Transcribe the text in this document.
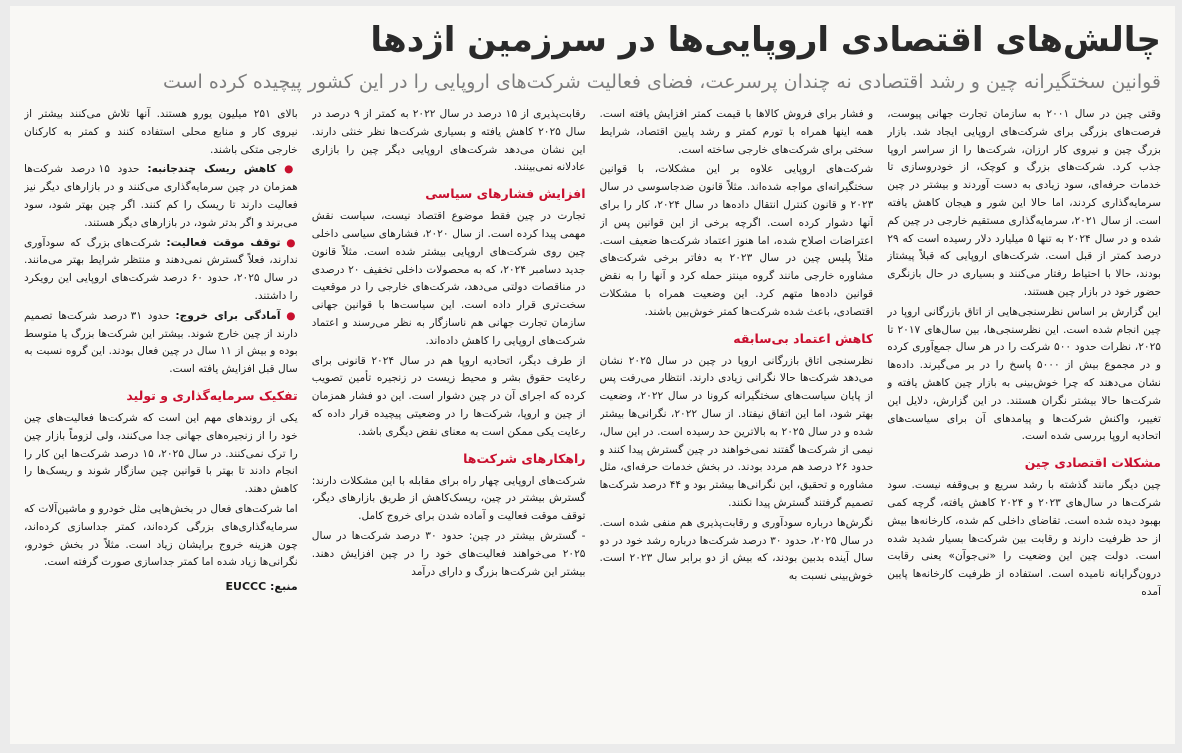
چالش‌های اقتصادی اروپایی‌ها در سرزمین اژدها
قوانین سختگیرانه چین و رشد اقتصادی نه چندان پرسرعت، فضای فعالیت شرکت‌های اروپایی را در این کشور پیچیده کرده است

وقتی چین در سال ۲۰۰۱ به سازمان تجارت جهانی پیوست، فرصت‌های بزرگی برای شرکت‌های اروپایی ایجاد شد. بازار بزرگ چین و نیروی کار ارزان، شرکت‌ها را از سراسر اروپا جذب کرد. شرکت‌های بزرگ و کوچک، از خودروسازی تا خدمات حرفه‌ای، سود زیادی به دست آوردند و بیشتر در چین سرمایه‌گذاری کردند، اما حالا این شور و هیجان کاهش یافته است. از سال ۲۰۲۱، سرمایه‌گذاری مستقیم خارجی در چین کم شده و در سال ۲۰۲۴ به تنها ۵ میلیارد دلار رسیده است که ۲۹ درصد کمتر از قبل است. شرکت‌های اروپایی که قبلاً پیشتاز بودند، حالا با احتیاط رفتار می‌کنند و بسیاری در حال بازنگری حضور خود در بازار چین هستند.

این گزارش بر اساس نظرسنجی‌هایی از اتاق بازرگانی اروپا در چین انجام شده است. این نظرسنجی‌ها، بین سال‌های ۲۰۱۷ تا ۲۰۲۵، نظرات حدود ۵۰۰ شرکت را در هر سال جمع‌آوری کرده و در مجموع بیش از ۵۰۰۰ پاسخ را در بر می‌گیرند. داده‌ها نشان می‌دهند که چرا خوش‌بینی به بازار چین کاهش یافته و شرکت‌ها حالا بیشتر نگران هستند. در این گزارش، دلایل این تغییر، واکنش شرکت‌ها و پیامدهای آن برای سیاست‌های اتحادیه اروپا بررسی شده است.

مشکلات اقتصادی چین

چین دیگر مانند گذشته با رشد سریع و بی‌وقفه نیست. سود شرکت‌ها در سال‌های ۲۰۲۳ و ۲۰۲۴ کاهش یافته، گرچه کمی بهبود دیده شده است. تقاضای داخلی کم شده، کارخانه‌ها بیش از حد ظرفیت دارند و رقابت بین شرکت‌ها بسیار شدید شده است. دولت چین این وضعیت را «نی‌جوآن» یعنی رقابت درون‌گرایانه نامیده است. استفاده از ظرفیت کارخانه‌ها پایین آمده

و فشار برای فروش کالاها با قیمت کمتر افزایش یافته است. همه اینها همراه با تورم کمتر و رشد پایین اقتصاد، شرایط سختی برای شرکت‌های خارجی ساخته است.

شرکت‌های اروپایی علاوه بر این مشکلات، با قوانین سختگیرانه‌ای مواجه شده‌اند. مثلاً قانون ضدجاسوسی در سال ۲۰۲۳ و قانون کنترل انتقال داده‌ها در سال ۲۰۲۴، کار را برای آنها دشوار کرده است. اگرچه برخی از این قوانین پس از اعتراضات اصلاح شده، اما هنوز اعتماد شرکت‌ها ضعیف است. مثلاً پلیس چین در سال ۲۰۲۳ به دفاتر برخی شرکت‌های مشاوره خارجی مانند گروه مینتز حمله کرد و آنها را به نقض قوانین داده‌ها متهم کرد. این وضعیت همراه با مشکلات اقتصادی، باعث شده شرکت‌ها کمتر خوش‌بین باشند.

کاهش اعتماد بی‌سابقه

نظرسنجی اتاق بازرگانی اروپا در چین در سال ۲۰۲۵ نشان می‌دهد شرکت‌ها حالا نگرانی زیادی دارند. انتظار می‌رفت پس از پایان سیاست‌های سختگیرانه کرونا در سال ۲۰۲۲، وضعیت بهتر شود، اما این اتفاق نیفتاد. از سال ۲۰۲۲، نگرانی‌ها بیشتر شده و در سال ۲۰۲۵ به بالاترین حد رسیده است. در این سال، نیمی از شرکت‌ها گفتند نمی‌خواهند در چین گسترش پیدا کنند و حدود ۲۶ درصد هم مردد بودند. در بخش خدمات حرفه‌ای، مثل مشاوره و تحقیق، این نگرانی‌ها بیشتر بود و ۴۴ درصد شرکت‌ها تصمیم گرفتند گسترش پیدا نکنند.

نگرش‌ها درباره سودآوری و رقابت‌پذیری هم منفی شده است. در سال ۲۰۲۵، حدود ۳۰ درصد شرکت‌ها درباره رشد خود در دو سال آینده بدبین بودند، که بیش از دو برابر سال ۲۰۲۳ است. خوش‌بینی نسبت به

رقابت‌پذیری از ۱۵ درصد در سال ۲۰۲۲ به کمتر از ۹ درصد در سال ۲۰۲۵ کاهش یافته و بسیاری شرکت‌ها نظر خنثی دارند. این نشان می‌دهد شرکت‌های اروپایی دیگر چین را بازاری عادلانه نمی‌بینند.

افزایش فشارهای سیاسی

تجارت در چین فقط موضوع اقتصاد نیست، سیاست نقش مهمی پیدا کرده است. از سال ۲۰۲۰، فشارهای سیاسی داخلی چین روی شرکت‌های اروپایی بیشتر شده است. مثلاً قانون جدید دسامبر ۲۰۲۴، که به محصولات داخلی تخفیف ۲۰ درصدی در مناقصات دولتی می‌دهد، شرکت‌های خارجی را در موقعیت سخت‌تری قرار داده است. این سیاست‌ها با قوانین جهانی سازمان تجارت جهانی هم ناسازگار به نظر می‌رسند و اعتماد شرکت‌های اروپایی را کاهش داده‌اند.

از طرف دیگر، اتحادیه اروپا هم در سال ۲۰۲۴ قانونی برای رعایت حقوق بشر و محیط زیست در زنجیره تأمین تصویب کرده که اجرای آن در چین دشوار است. این دو فشار همزمان از چین و اروپا، شرکت‌ها را در وضعیتی پیچیده قرار داده که رعایت یکی ممکن است به معنای نقض دیگری باشد.

راهکارهای شرکت‌ها

شرکت‌های اروپایی چهار راه برای مقابله با این مشکلات دارند: گسترش بیشتر در چین، ریسک‌کاهش از طریق بازارهای دیگر، توقف موقت فعالیت و آماده شدن برای خروج کامل.

- گسترش بیشتر در چین: حدود ۳۰ درصد شرکت‌ها در سال ۲۰۲۵ می‌خواهند فعالیت‌های خود را در چین افزایش دهند. بیشتر این شرکت‌ها بزرگ و دارای درآمد

بالای ۲۵۱ میلیون یورو هستند. آنها تلاش می‌کنند بیشتر از نیروی کار و منابع محلی استفاده کنند و کمتر به کارکنان خارجی متکی باشند.

● کاهش ریسک چندجانبه: حدود ۱۵ درصد شرکت‌ها همزمان در چین سرمایه‌گذاری می‌کنند و در بازارهای دیگر نیز فعالیت دارند تا ریسک را کم کنند. اگر چین بهتر شود، سود می‌برند و اگر بدتر شود، در بازارهای دیگر هستند.

● توقف موقت فعالیت: شرکت‌های بزرگ که سودآوری ندارند، فعلاً گسترش نمی‌دهند و منتظر شرایط بهتر می‌مانند. در سال ۲۰۲۵، حدود ۶۰ درصد شرکت‌های اروپایی این رویکرد را داشتند.

● آمادگی برای خروج: حدود ۳۱ درصد شرکت‌ها تصمیم دارند از چین خارج شوند. بیشتر این شرکت‌ها بزرگ یا متوسط بوده و بیش از ۱۱ سال در چین فعال بودند. این گروه نسبت به سال قبل افزایش یافته است.

تفکیک سرمایه‌گذاری و تولید

یکی از روندهای مهم این است که شرکت‌ها فعالیت‌های چین خود را از زنجیره‌های جهانی جدا می‌کنند، ولی لزوماً بازار چین را ترک نمی‌کنند. در سال ۲۰۲۵، ۱۵ درصد شرکت‌ها این کار را انجام دادند تا بهتر با قوانین چین سازگار شوند و ریسک‌ها را کاهش دهند.

اما شرکت‌های فعال در بخش‌هایی مثل خودرو و ماشین‌آلات که سرمایه‌گذاری‌های بزرگی کرده‌اند، کمتر جداسازی کرده‌اند، چون هزینه خروج برایشان زیاد است. مثلاً در بخش خودرو، نگرانی‌ها زیاد شده اما کمتر جداسازی صورت گرفته است.

منبع: EUCCC
